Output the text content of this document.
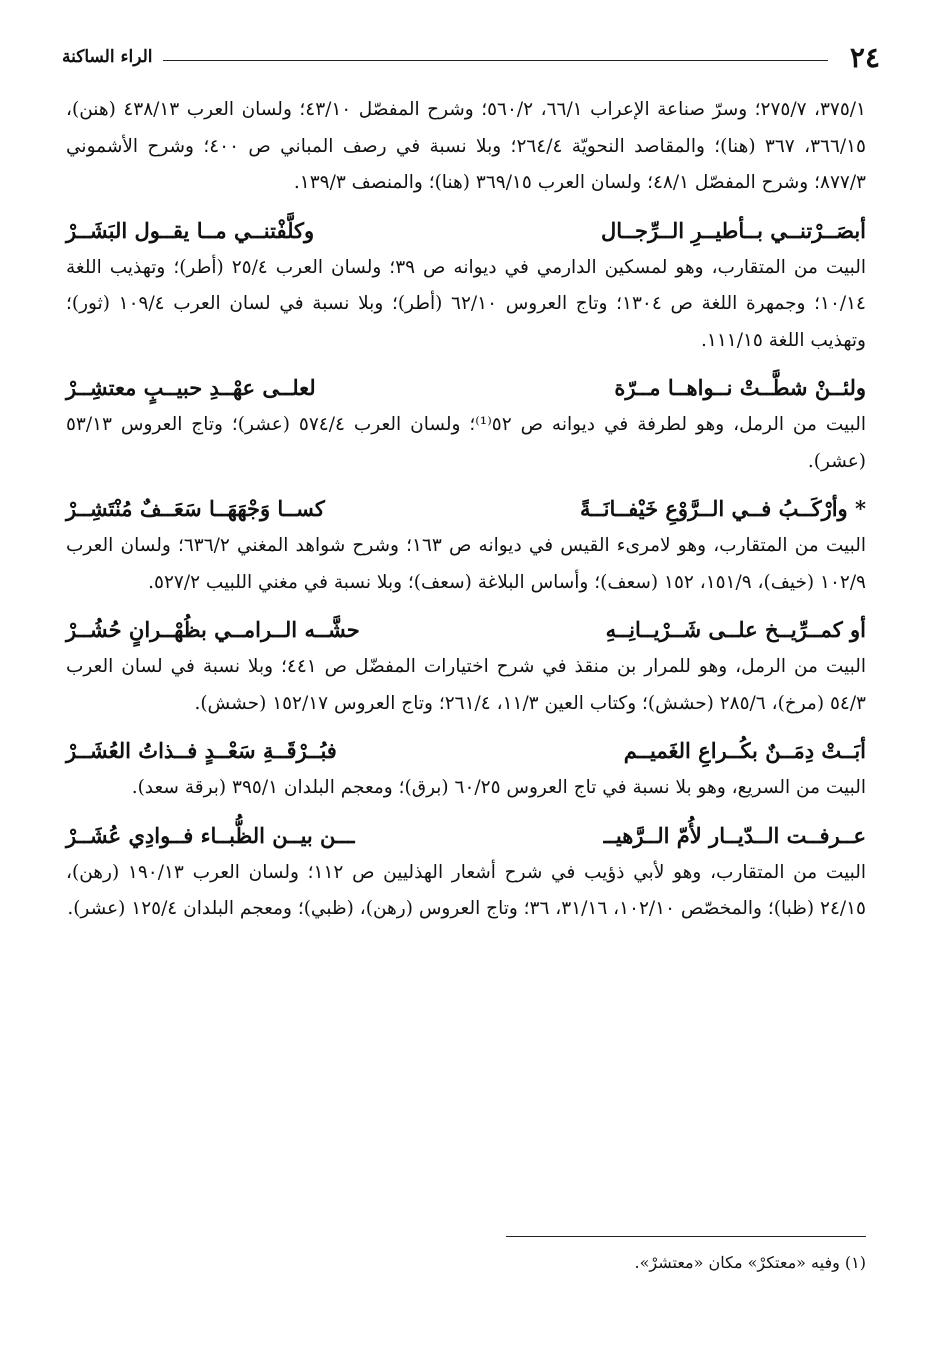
٢٤
الراء الساكنة

٣٧٥/١، ٢٧٥/٧؛ وسرّ صناعة الإعراب ٦٦/١، ٥٦٠/٢؛ وشرح المفصّل ٤٣/١٠؛ ولسان العرب ٤٣٨/١٣ (هنن)، ٣٦٦/١٥، ٣٦٧ (هنا)؛ والمقاصد النحويّة ٢٦٤/٤؛ وبلا نسبة في رصف المباني ص ٤٠٠؛ وشرح الأشموني ٨٧٧/٣؛ وشرح المفصّل ٤٨/١؛ ولسان العرب ٣٦٩/١٥ (هنا)؛ والمنصف ١٣٩/٣.

أبصَــرْتنــي بــأطيــرِ الــرِّجــال
وكلَّفْتنــي مــا يقــول البَشَــرْ

البيت من المتقارب، وهو لمسكين الدارمي في ديوانه ص ٣٩؛ ولسان العرب ٢٥/٤ (أطر)؛ وتهذيب اللغة ١٠/١٤؛ وجمهرة اللغة ص ١٣٠٤؛ وتاج العروس ٦٢/١٠ (أطر)؛ وبلا نسبة في لسان العرب ١٠٩/٤ (ثور)؛ وتهذيب اللغة ١١١/١٥.

ولئــنْ شطَّــتْ نــواهــا مــرّة
لعلــى عهْــدِ حبيــبٍ معتشِــرْ

البيت من الرمل، وهو لطرفة في ديوانه ص ٥٢⁽¹⁾؛ ولسان العرب ٥٧٤/٤ (عشر)؛ وتاج العروس ٥٣/١٣ (عشر).

* وأرْكَــبُ فــي الــرَّوْعِ خَيْفــانَــةً
كســا وَجْهَهَــا سَعَــفٌ مُنْتَشِــرْ

البيت من المتقارب، وهو لامرىء القيس في ديوانه ص ١٦٣؛ وشرح شواهد المغني ٦٣٦/٢؛ ولسان العرب ١٠٢/٩ (خيف)، ١٥١/٩، ١٥٢ (سعف)؛ وأساس البلاغة (سعف)؛ وبلا نسبة في مغني اللبيب ٥٢٧/٢.

أو كمــرِّيــخ علــى شَــرْيــانِــهِ
حشَّــه الــرامــي بظُهْــرانٍ حُشُــرْ

البيت من الرمل، وهو للمرار بن منقذ في شرح اختيارات المفضّل ص ٤٤١؛ وبلا نسبة في لسان العرب ٥٤/٣ (مرخ)، ٢٨٥/٦ (حشش)؛ وكتاب العين ١١/٣، ٢٦١/٤؛ وتاج العروس ١٥٢/١٧ (حشش).

أبَــتْ دِمَــنٌ بكُــراعِ الغَميــم
فبُــرْقَــةِ سَعْــدٍ فــذاتُ العُشَــرْ

البيت من السريع، وهو بلا نسبة في تاج العروس ٦٠/٢٥ (برق)؛ ومعجم البلدان ٣٩٥/١ (برقة سعد).

عــرفــت الــدّيــار لأُمّ الــرَّهيــ
ـــن بيــن الظُّبــاء فــوادِي عُشَــرْ

البيت من المتقارب، وهو لأبي ذؤيب في شرح أشعار الهذليين ص ١١٢؛ ولسان العرب ١٩٠/١٣ (رهن)، ٢٤/١٥ (ظبا)؛ والمخصّص ١٠٢/١٠، ٣١/١٦، ٣٦؛ وتاج العروس (رهن)، (ظبي)؛ ومعجم البلدان ١٢٥/٤ (عشر).

(١) وفيه «معتكرْ» مكان «معتشرْ».
